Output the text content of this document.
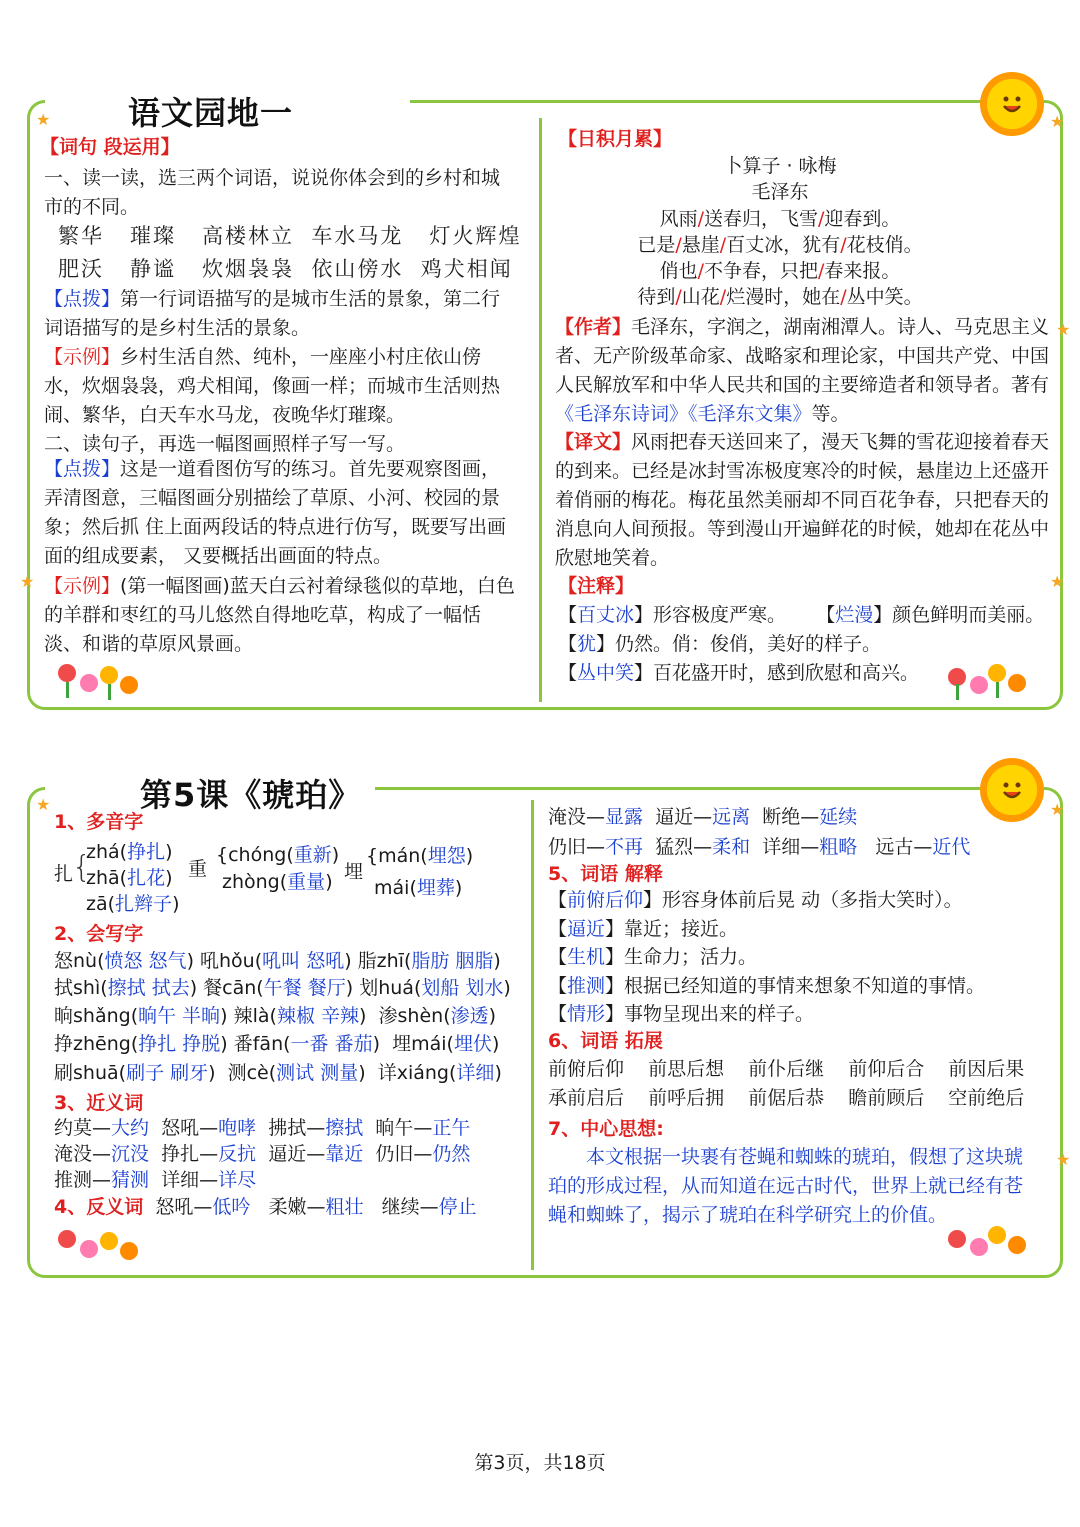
语文园地一	★
★
★
★
★
【词句 段运用】
一、读一读，选三两个词语，说说你体会到的乡村和城市的不同。
繁华 璀璨 高楼林立 车水马龙 灯火辉煌
肥沃 静谧 炊烟袅袅 依山傍水 鸡犬相闻
【点拨】第一行词语描写的是城市生活的景象，第二行词语描写的是乡村生活的景象。
【示例】乡村生活自然、纯朴，一座座小村庄依山傍水，炊烟袅袅，鸡犬相闻，像画一样；而城市生活则热闹、繁华，白天车水马龙，夜晚华灯璀璨。
二、读句子，再选一幅图画照样子写一写。
【点拨】这是一道看图仿写的练习。首先要观察图画，弄清图意，三幅图画分别描绘了草原、小河、校园的景象；然后抓 住上面两段话的特点进行仿写，既要写出画面的组成要素， 又要概括出画面的特点。
【示例】(第一幅图画)蓝天白云衬着绿毯似的草地，白色的羊群和枣红的马儿悠然自得地吃草，构成了一幅恬淡、和谐的草原风景画。
【日积月累】
卜算子 · 咏梅
毛泽东
风雨/送春归，飞雪/迎春到。
已是/悬崖/百丈冰，犹有/花枝俏。
俏也/不争春，只把/春来报。
待到/山花/烂漫时，她在/丛中笑。
【作者】毛泽东，字润之，湖南湘潭人。诗人、马克思主义 者、无产阶级革命家、战略家和理论家，中国共产党、中国人民解放军和中华人民共和国的主要缔造者和领导者。著有《毛泽东诗词》《毛泽东文集》等。
【译文】风雨把春天送回来了，漫天飞舞的雪花迎接着春天的到来。已经是冰封雪冻极度寒冷的时候，悬崖边上还盛开着俏丽的梅花。梅花虽然美丽却不同百花争春，只把春天的消息向人间预报。等到漫山开遍鲜花的时候，她却在花丛中欣慰地笑着。
【注释】
【百丈冰】形容极度严寒。     【烂漫】颜色鲜明而美丽。
【犹】仍然。俏：俊俏，美好的样子。
【丛中笑】百花盛开时，感到欣慰和高兴。
第5课《琥珀》
★	★
★
1、多音字
扎
{
zhá(挣扎)
zhā(扎花)
zā(扎辫子)
重
{chóng(重新)
zhòng(重量) 埋
{mán(埋怨)
mái(埋葬)
2、会写字
怒nù(愤怒 怒气) 吼hǒu(吼叫 怒吼) 脂zhī(脂肪 胭脂)
拭shì(擦拭 拭去) 餐cān(午餐 餐厅) 划huá(划船 划水)
晌shǎng(晌午 半晌) 辣là(辣椒 辛辣)  渗shèn(渗透)
挣zhēng(挣扎 挣脱) 番fān(一番 番茄)  埋mái(埋伏)
刷shuā(刷子 刷牙)  测cè(测试 测量)  详xiáng(详细)
3、近义词
约莫—大约 怒吼—咆哮 拂拭—擦拭 晌午—正午
淹没—沉没 挣扎—反抗 逼近—靠近 仍旧—仍然
推测—猜测 详细—详尽
4、反义词 怒吼—低吟 柔嫩—粗壮 继续—停止
淹没—显露 逼近—远离 断绝—延续
仍旧—不再 猛烈—柔和 详细—粗略 远古—近代
5、词语 解释
【前俯后仰】形容身体前后晃 动（多指大笑时）。
【逼近】靠近；接近。
【生机】生命力；活力。
【推测】根据已经知道的事情来想象不知道的事情。
【情形】事物呈现出来的样子。
6、词语 拓展
前俯后仰 前思后想 前仆后继 前仰后合 前因后果
承前启后 前呼后拥 前倨后恭 瞻前顾后 空前绝后
7、中心思想:
本文根据一块裹有苍蝇和蜘蛛的琥珀，假想了这块琥珀的形成过程，从而知道在远古时代，世界上就已经有苍蝇和蜘蛛了，揭示了琥珀在科学研究上的价值。
第3页，共18页
